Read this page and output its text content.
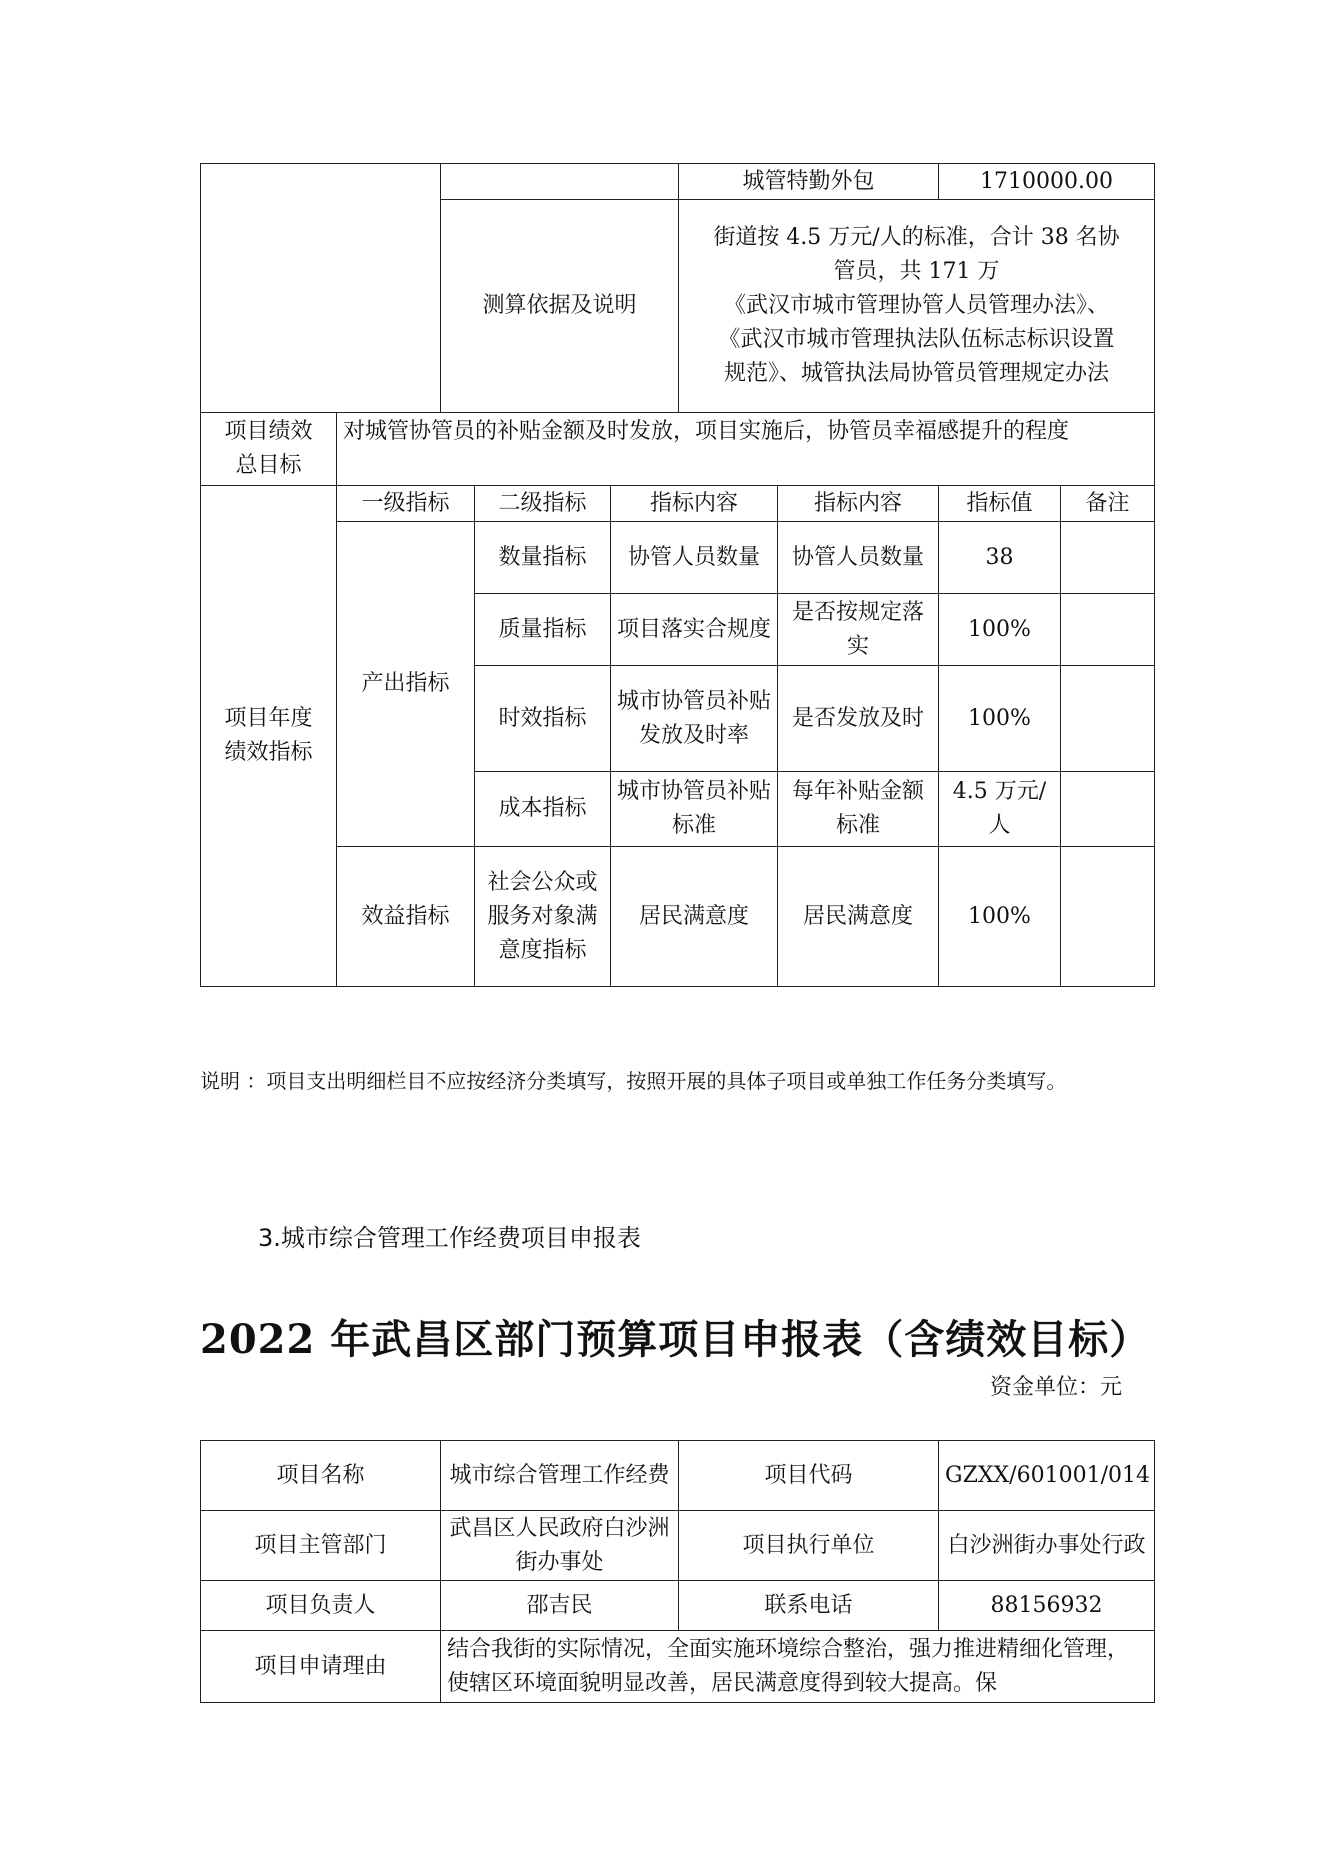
		城管特勤外包	1710000.00
	测算依据及说明	街道按 4.5 万元/人的标准，合计 38 名协
管员，共 171 万
《武汉市城市管理协管人员管理办法》、
《武汉市城市管理执法队伍标志标识设置
规范》、城管执法局协管员管理规定办法	
项目绩效
总目标
	对城管协管员的补贴金额及时发放，项目实施后，协管员幸福感提升的程度
项目年度
绩效指标	一级指标	二级指标	指标内容	指标内容	指标值	备注
	产出指标	数量指标	协管人员数量	协管人员数量	38	
		质量指标	项目落实合规度	是否按规定落实	100%	
		时效指标	城市协管员补贴发放及时率	是否发放及时	100%	
		成本指标	城市协管员补贴标准	每年补贴金额标准	4.5 万元/人	
	效益指标	社会公众或服务对象满意度指标	居民满意度	居民满意度	100%	
说明 ：项目支出明细栏目不应按经济分类填写，按照开展的具体子项目或单独工作任务分类填写。
3.城市综合管理工作经费项目申报表
2022 年武昌区部门预算项目申报表（含绩效目标）
资金单位：元
项目名称	城市综合管理工作经费	项目代码	GZXX/601001/014
项目主管部门	武昌区人民政府白沙洲街办事处	项目执行单位	白沙洲街办事处行政
项目负责人	邵吉民	联系电话	88156932
项目申请理由	结合我街的实际情况，全面实施环境综合整治，强力推进精细化管理，使辖区环境面貌明显改善，居民满意度得到较大提高。保		
